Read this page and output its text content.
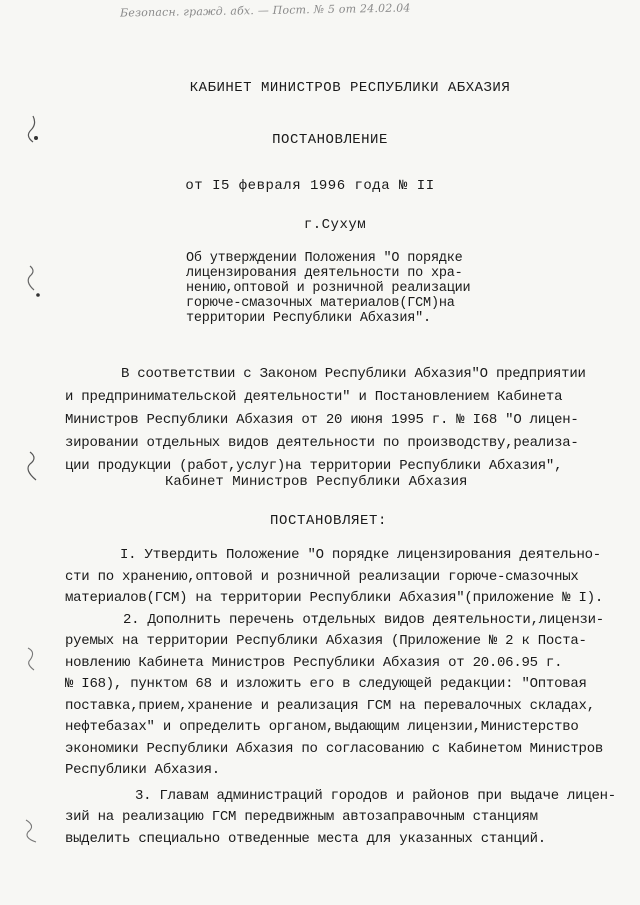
Безопасн. гражд. абх. — Пост. № 5 от 24.02.04
КАБИНЕТ МИНИСТРОВ РЕСПУБЛИКИ АБХАЗИЯ
ПОСТАНОВЛЕНИЕ
от I5 февраля 1996 года № II
г.Сухум
Об утверждении Положения "О порядке
лицензирования деятельности по хра-
нению,оптовой и розничной реализации
горюче-смазочных материалов(ГСМ)на
территории Республики Абхазия".
В соответствии с Законом Республики Абхазия"О предприятии
и предпринимательской деятельности" и Постановлением Кабинета
Министров Республики Абхазия от 20 июня 1995 г. № I68 "О лицен-
зировании отдельных видов деятельности по производству,реализа-
ции продукции (работ,услуг)на территории Республики Абхазия",
Кабинет Министров Республики Абхазия
ПОСТАНОВЛЯЕТ:
I. Утвердить Положение "О порядке лицензирования деятельно-
сти по хранению,оптовой и розничной реализации горюче-смазочных
материалов(ГСМ) на территории Республики Абхазия"(приложение № I).
2. Дополнить перечень отдельных видов деятельности,лицензи-
руемых на территории Республики Абхазия (Приложение № 2 к Поста-
новлению Кабинета Министров Республики Абхазия от 20.06.95 г.
№ I68), пунктом 68 и изложить его в следующей редакции: "Оптовая
поставка,прием,хранение и реализация ГСМ на перевалочных складах,
нефтебазах" и определить органом,выдающим лицензии,Министерство
экономики Республики Абхазия по согласованию с Кабинетом Министров
Республики Абхазия.
3. Главам администраций городов и районов при выдаче лицен-
зий на реализацию ГСМ передвижным автозаправочным станциям
выделить специально отведенные места для указанных станций.
